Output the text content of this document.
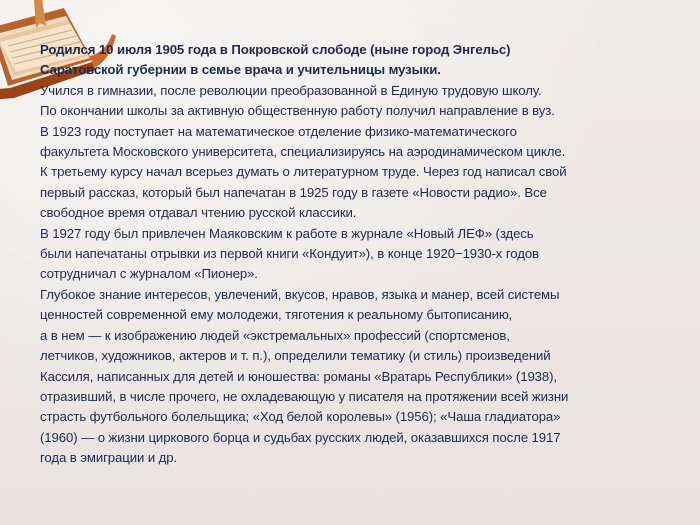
Родился 10 июля 1905 года в Покровской слободе (ныне город Энгельс)

Саратовской губернии в семье врача и учительницы музыки.

Учился в гимназии, после революции преобразованной в Единую трудовую школу.

По окончании школы за активную общественную работу получил направление в вуз.

В 1923 году поступает на математическое отделение физико-математического

факультета Московского университета, специализируясь на аэродинамическом цикле.

К третьему курсу начал всерьез думать о литературном труде. Через год написал свой

первый рассказ, который был напечатан в 1925 году в газете «Новости радио». Все

свободное время отдавал чтению русской классики.

В 1927 году был привлечен Маяковским к работе в журнале «Новый ЛЕФ» (здесь

были напечатаны отрывки из первой книги «Кондуит»), в конце 1920−1930-х годов

сотрудничал с журналом «Пионер».

Глубокое знание интересов, увлечений, вкусов, нравов, языка и манер, всей системы

ценностей современной ему молодежи, тяготения к реальному бытописанию,

а в нем — к изображению людей «экстремальных» профессий (спортсменов,

летчиков, художников, актеров и т. п.), определили тематику (и стиль) произведений

Кассиля, написанных для детей и юношества: романы «Вратарь Республики» (1938),

отразивший, в числе прочего, не охладевающую у писателя на протяжении всей жизни

страсть футбольного болельщика; «Ход белой королевы» (1956); «Чаша гладиатора»

(1960) — о жизни циркового борца и судьбах русских людей, оказавшихся после 1917

года в эмиграции и др.
